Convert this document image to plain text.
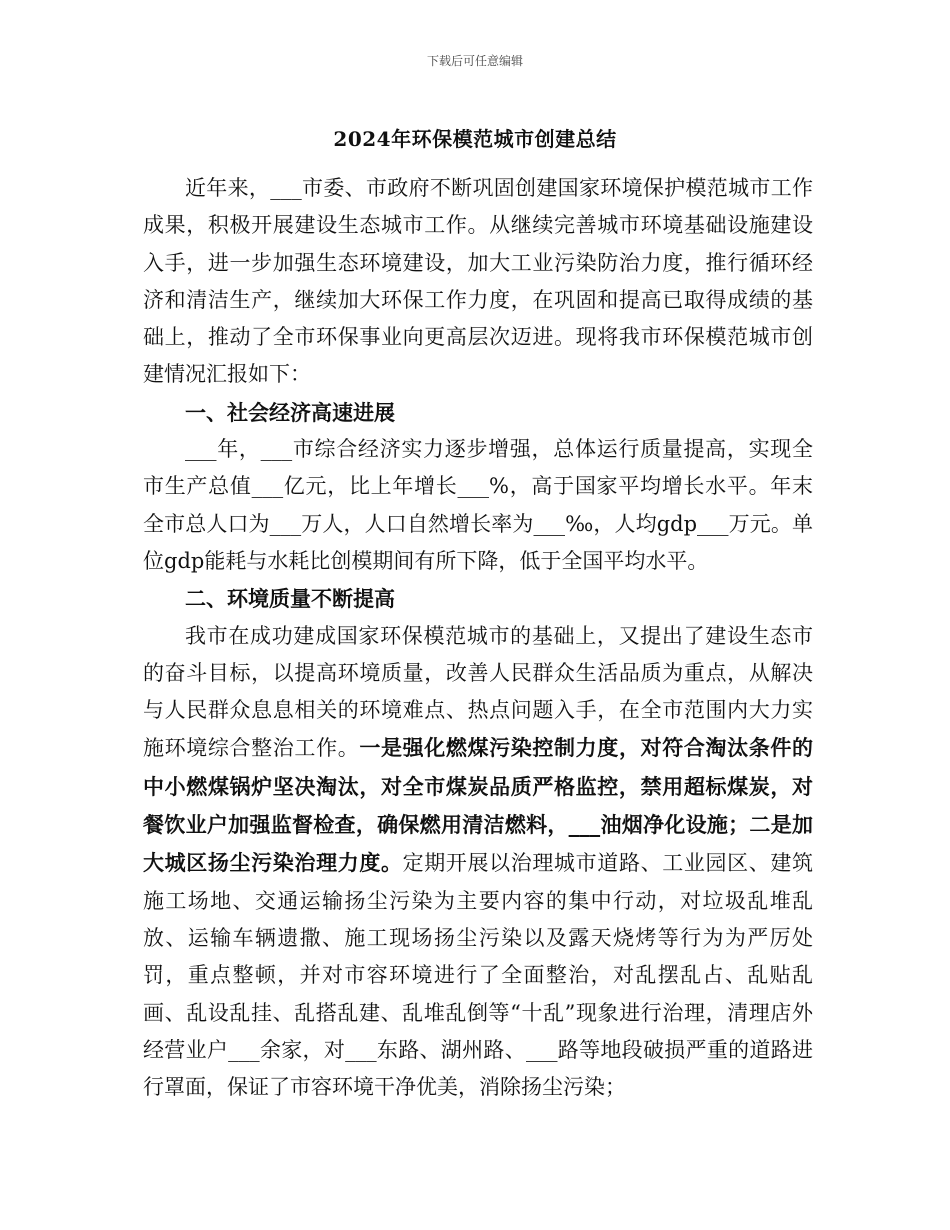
下载后可任意编辑
2024年环保模范城市创建总结

近年来，___市委、市政府不断巩固创建国家环境保护模范城市工作成果，积极开展建设生态城市工作。从继续完善城市环境基础设施建设入手，进一步加强生态环境建设，加大工业污染防治力度，推行循环经济和清洁生产，继续加大环保工作力度，在巩固和提高已取得成绩的基础上，推动了全市环保事业向更高层次迈进。现将我市环保模范城市创建情况汇报如下：

一、社会经济高速进展

___年，___市综合经济实力逐步增强，总体运行质量提高，实现全市生产总值___亿元，比上年增长___%，高于国家平均增长水平。年末全市总人口为___万人，人口自然增长率为___‰，人均gdp___万元。单位gdp能耗与水耗比创模期间有所下降，低于全国平均水平。

二、环境质量不断提高

我市在成功建成国家环保模范城市的基础上，又提出了建设生态市的奋斗目标，以提高环境质量，改善人民群众生活品质为重点，从解决与人民群众息息相关的环境难点、热点问题入手，在全市范围内大力实施环境综合整治工作。一是强化燃煤污染控制力度，对符合淘汰条件的中小燃煤锅炉坚决淘汰，对全市煤炭品质严格监控，禁用超标煤炭，对餐饮业户加强监督检查，确保燃用清洁燃料，___油烟净化设施；二是加大城区扬尘污染治理力度。定期开展以治理城市道路、工业园区、建筑施工场地、交通运输扬尘污染为主要内容的集中行动，对垃圾乱堆乱放、运输车辆遗撒、施工现场扬尘污染以及露天烧烤等行为为严厉处罚，重点整顿，并对市容环境进行了全面整治，对乱摆乱占、乱贴乱画、乱设乱挂、乱搭乱建、乱堆乱倒等“十乱”现象进行治理，清理店外经营业户___余家，对___东路、湖州路、___路等地段破损严重的道路进行罩面，保证了市容环境干净优美，消除扬尘污染；
